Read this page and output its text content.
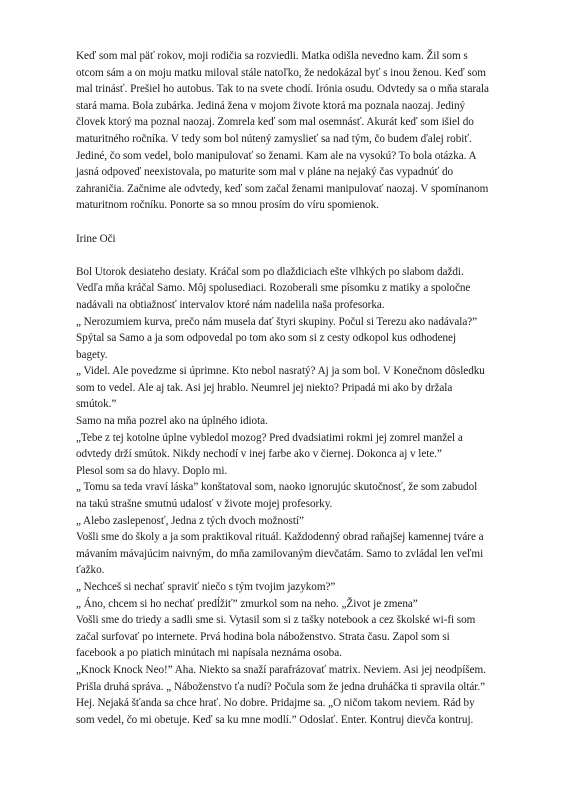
Keď som mal päť rokov, moji rodičia sa rozviedli. Matka odišla nevedno kam. Žil som s otcom sám a on moju matku miloval stále natoľko, že nedokázal byť s inou ženou. Keď som mal trinásť. Prešiel ho autobus. Tak to na svete chodí. Irónia osudu. Odvtedy sa o mňa starala stará mama. Bola zubárka. Jediná žena v mojom živote ktorá ma poznala naozaj. Jediný človek ktorý ma poznal naozaj. Zomrela keď som mal osemnásť. Akurát keď som išiel do maturitného ročníka. V tedy som bol nútený zamyslieť sa nad tým, čo budem ďalej robiť. Jediné, čo som vedel, bolo manipulovať so ženami. Kam ale na vysokú? To bola otázka. A jasná odpoveď neexistovala, po maturite som mal v pláne na nejaký čas vypadnúť do zahraničia. Začnime ale odvtedy, keď som začal ženami manipulovať naozaj. V spomínanom maturitnom ročníku. Ponorte sa so mnou prosím do víru spomienok.

Irine Oči

Bol Utorok desiateho desiaty. Kráčal som po dlaždiciach ešte vlhkých po slabom daždi. Vedľa mňa kráčal Samo. Môj spolusediaci. Rozoberali sme písomku z matiky a spoločne nadávali na obtiažnosť intervalov ktoré nám nadelila naša profesorka.

„ Nerozumiem kurva, prečo nám musela dať štyri skupiny. Počul si Terezu ako nadávala?”

Spýtal sa Samo a ja som odpovedal po tom ako som si z cesty odkopol kus odhodenej bagety.

„ Videl. Ale povedzme si úprimne. Kto nebol nasratý? Aj ja som bol. V Konečnom dôsledku som to vedel. Ale aj tak. Asi jej hrablo. Neumrel jej niekto? Pripadá mi ako by držala smútok.”

Samo na mňa pozrel ako na úplného idiota.

„Tebe z tej kotolne úplne vybledol mozog? Pred dvadsiatimi rokmi jej zomrel manžel a odvtedy drží smútok. Nikdy nechodí v inej farbe ako v čiernej. Dokonca aj v lete.”

Plesol som sa do hlavy. Doplo mi.

„ Tomu sa teda vraví láska” konštatoval som, naoko ignorujúc skutočnosť, že som zabudol na takú strašne smutnú udalosť v živote mojej profesorky.

„ Alebo zaslepenosť, Jedna z tých dvoch možností”

Vošli sme do školy a ja som praktikoval rituál. Každodenný obrad raňajšej kamennej tváre a mávaním mávajúcim naivným, do mňa zamilovaným dievčatám. Samo to zvládal len veľmi ťažko.

„ Nechceš si nechať spraviť niečo s tým tvojim jazykom?”

„ Áno, chcem si ho nechať predĺžiť” zmurkol som na neho. „Život je zmena”

Vošli sme do triedy a sadli sme si. Vytasil som si z tašky notebook a cez školské wi-fi som začal surfovať po internete. Prvá hodina bola náboženstvo. Strata času. Zapol som si facebook a po piatich minútach mi napísala neznáma osoba.

„Knock Knock Neo!” Aha. Niekto sa snaží parafrázovať matrix. Neviem. Asi jej neodpíšem. Prišla druhá správa. „ Náboženstvo ťa nudí? Počula som že jedna druháčka ti spravila oltár.”

Hej. Nejaká šťanda sa chce hrať. No dobre. Pridajme sa. „O ničom takom neviem. Rád by som vedel, čo mi obetuje. Keď sa ku mne modlí.” Odoslať. Enter. Kontruj dievča kontruj.
